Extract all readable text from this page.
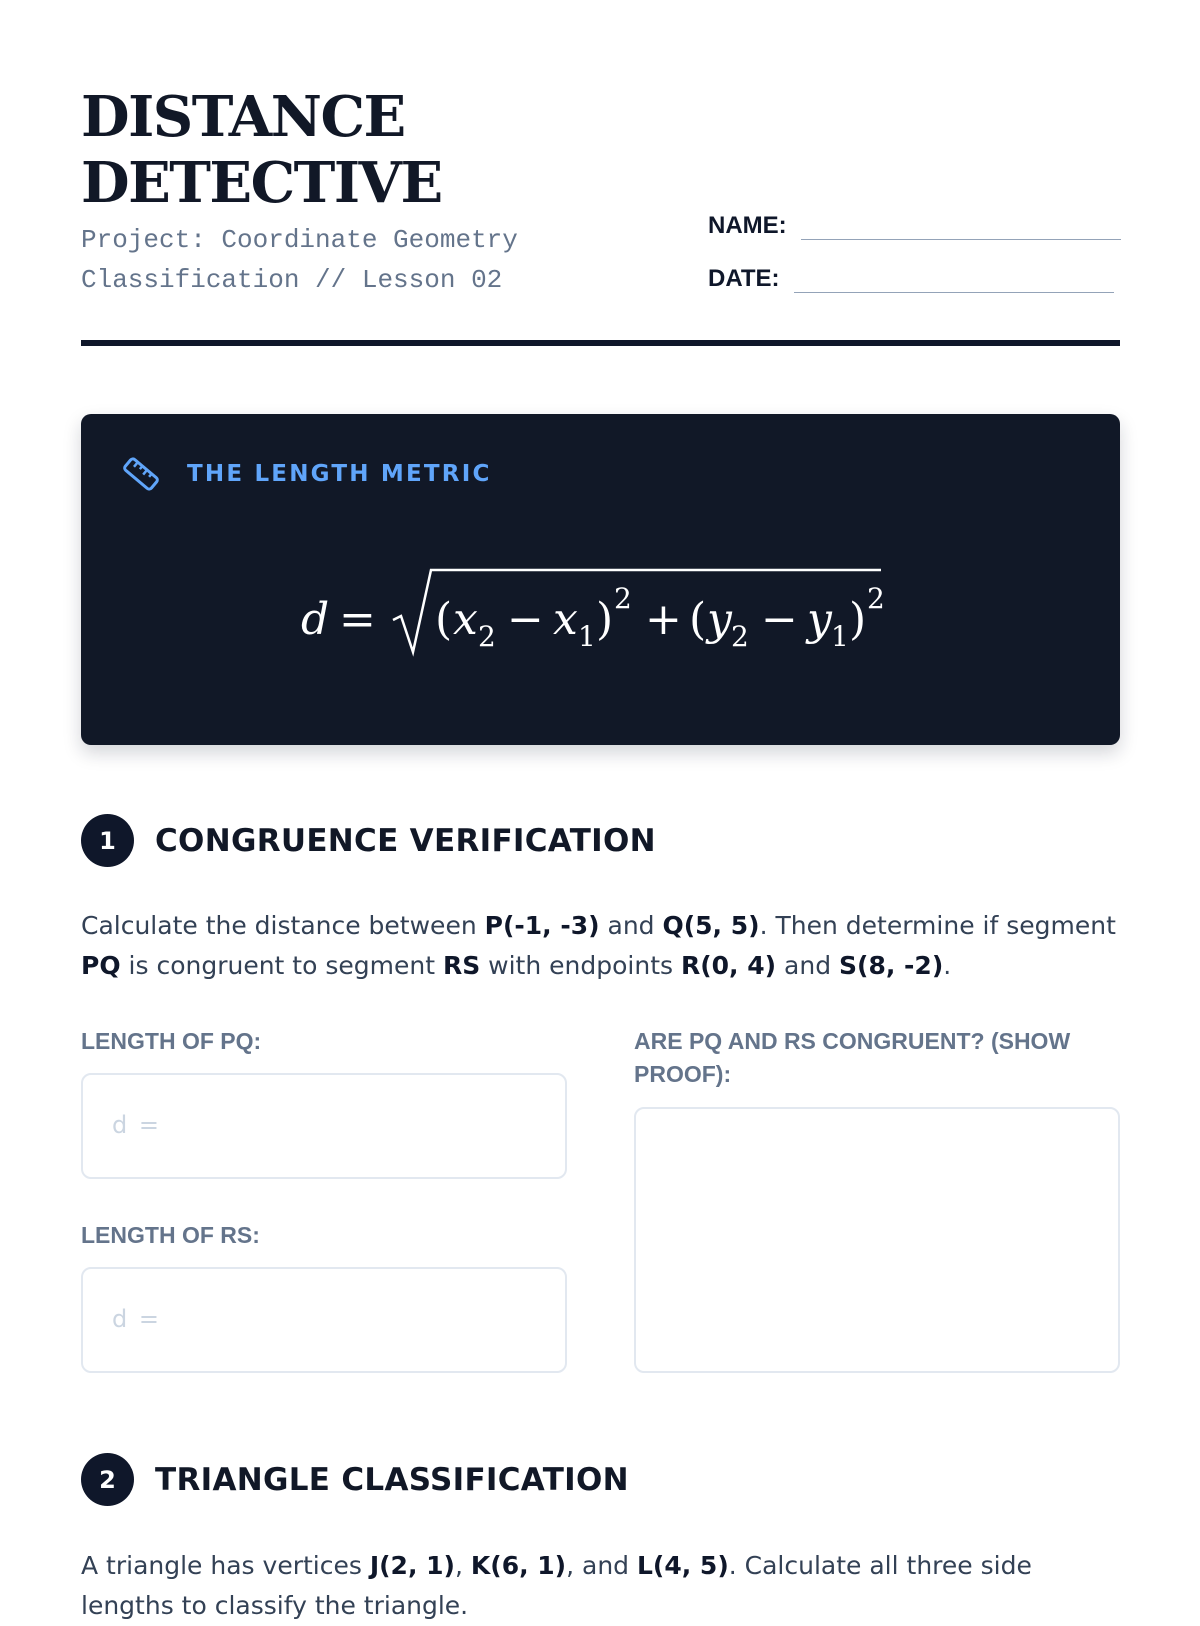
DISTANCE
DETECTIVE
Project: Coordinate Geometry
Classification // Lesson 02
NAME:
DATE:
THE LENGTH METRIC
d = ( x 2 − x 1 ) 2 + ( y 2 − y 1 ) 2
1	CONGRUENCE VERIFICATION

Calculate the distance between P(-1, -3) and Q(5, 5). Then determine if segment PQ is congruent to segment RS with endpoints R(0, 4) and S(8, -2).

LENGTH OF PQ:
d =
LENGTH OF RS:
d =
ARE PQ AND RS CONGRUENT? (SHOW PROOF):
2	TRIANGLE CLASSIFICATION

A triangle has vertices J(2, 1), K(6, 1), and L(4, 5). Calculate all three side lengths to classify the triangle.
